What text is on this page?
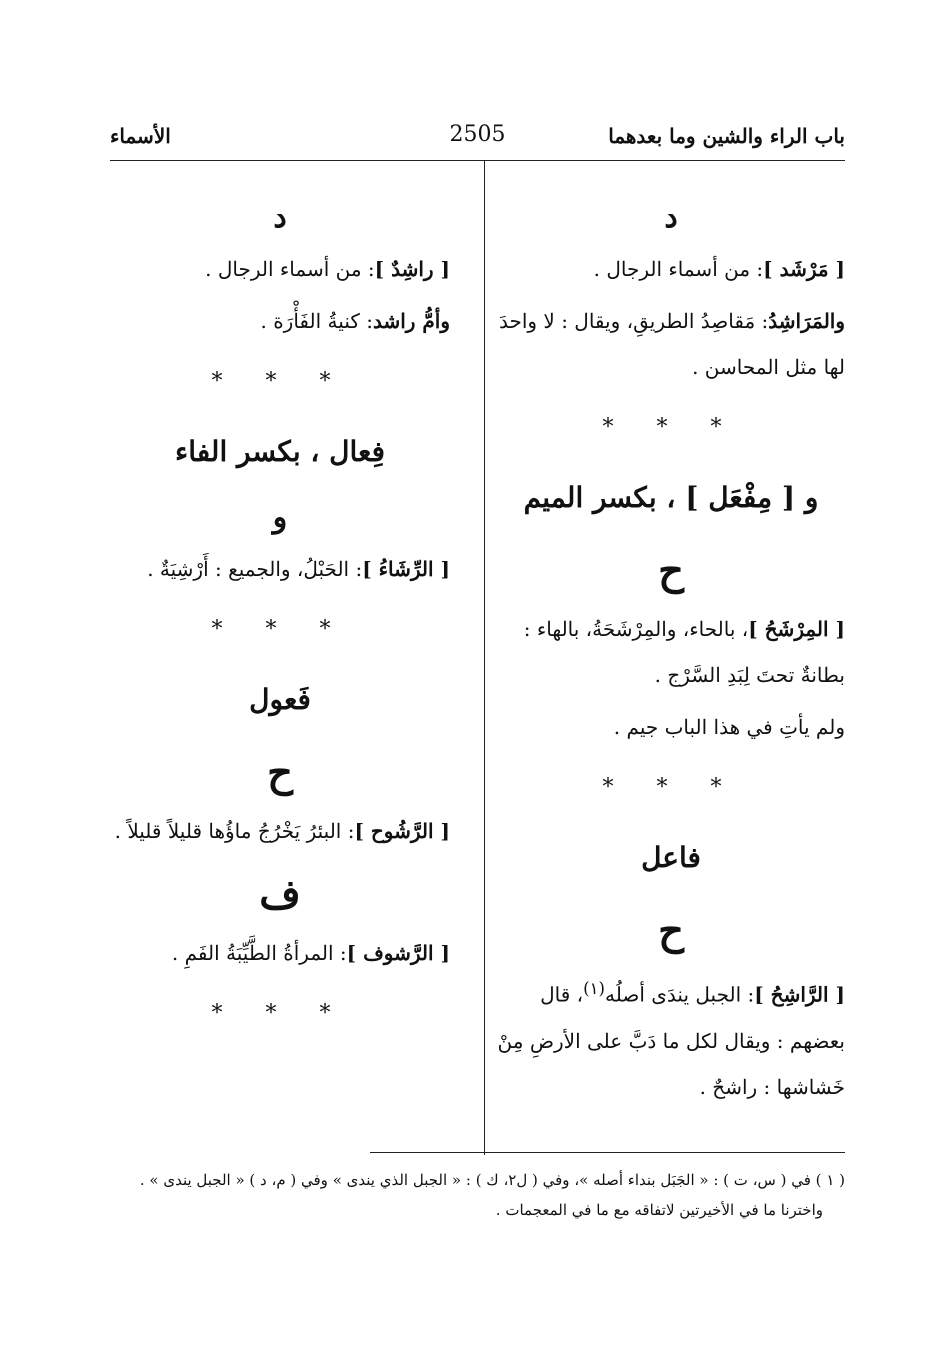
باب الراء والشين وما بعدهما
2505
الأسماء
د
[ مَرْشَد ]: من أسماء الرجال .
والمَرَاشِدُ: مَقاصِدُ الطريقِ، ويقال : لا واحدَ لها مثل المحاسن .
* * *
و [ مِفْعَل ] ، بكسر الميم
ح
[ المِرْشَحُ ]، بالحاء، والمِرْشَحَةُ، بالهاء : بطانةٌ تحتَ لِبَدِ السَّرْج .
ولم يأتِ في هذا الباب جيم .
* * *
فاعل
ح
[ الرَّاشِحُ ]: الجبل يندَى أصلُه$^{(١)}$، قال بعضهم : ويقال لكل ما دَبَّ على الأرضِ مِنْ خَشاشها : راشحٌ .
د
[ راشِدٌ ]: من أسماء الرجال .
وأمُّ راشد: كنيةُ الفَأْرَة .
* * *
فِعال ، بكسر الفاء
و
[ الرِّشَاءُ ]: الحَبْلُ، والجميع : أَرْشِيَةٌ .
* * *
فَعول
ح
[ الرَّشُوح ]: البئرُ يَخْرُجُ ماؤُها قليلاً قليلاً .
ف
[ الرَّشوف ]: المرأةُ الطَّيِّبَةُ الفَمِ .
* * *
( ١ ) في ( س، ت ) : « الجَبَل بنداء أصله »، وفي ( ل٢، ك ) : « الجبل الذي يندى » وفي ( م، د ) « الجبل يندى » .
واخترنا ما في الأخيرتين لاتفاقه مع ما في المعجمات .
